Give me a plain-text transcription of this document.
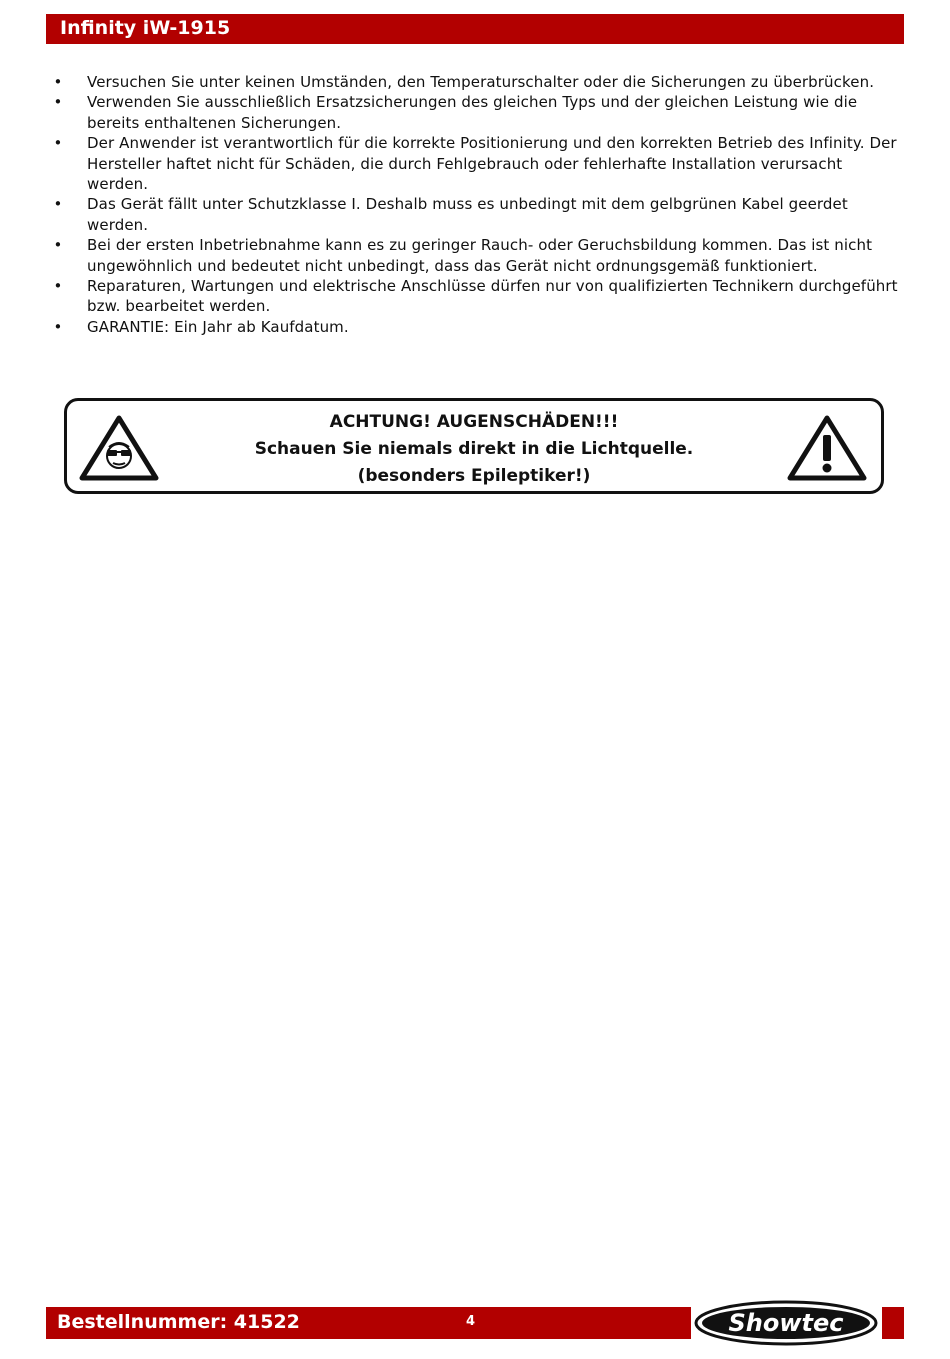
Infinity iW-1915
• Versuchen Sie unter keinen Umständen, den Temperaturschalter oder die Sicherungen zu überbrücken.
• Verwenden Sie ausschließlich Ersatzsicherungen des gleichen Typs und der gleichen Leistung wie die bereits enthaltenen Sicherungen.
• Der Anwender ist verantwortlich für die korrekte Positionierung und den korrekten Betrieb des Infinity. Der Hersteller haftet nicht für Schäden, die durch Fehlgebrauch oder fehlerhafte Installation verursacht werden.
• Das Gerät fällt unter Schutzklasse I. Deshalb muss es unbedingt mit dem gelbgrünen Kabel geerdet werden.
• Bei der ersten Inbetriebnahme kann es zu geringer Rauch- oder Geruchsbildung kommen. Das ist nicht ungewöhnlich und bedeutet nicht unbedingt, dass das Gerät nicht ordnungsgemäß funktioniert.
• Reparaturen, Wartungen und elektrische Anschlüsse dürfen nur von qualifizierten Technikern durchgeführt bzw. bearbeitet werden.
• GARANTIE: Ein Jahr ab Kaufdatum.
ACHTUNG! AUGENSCHÄDEN!!!
Schauen Sie niemals direkt in die Lichtquelle.
(besonders Epileptiker!)
Bestellnummer: 41522	4	Showtec
